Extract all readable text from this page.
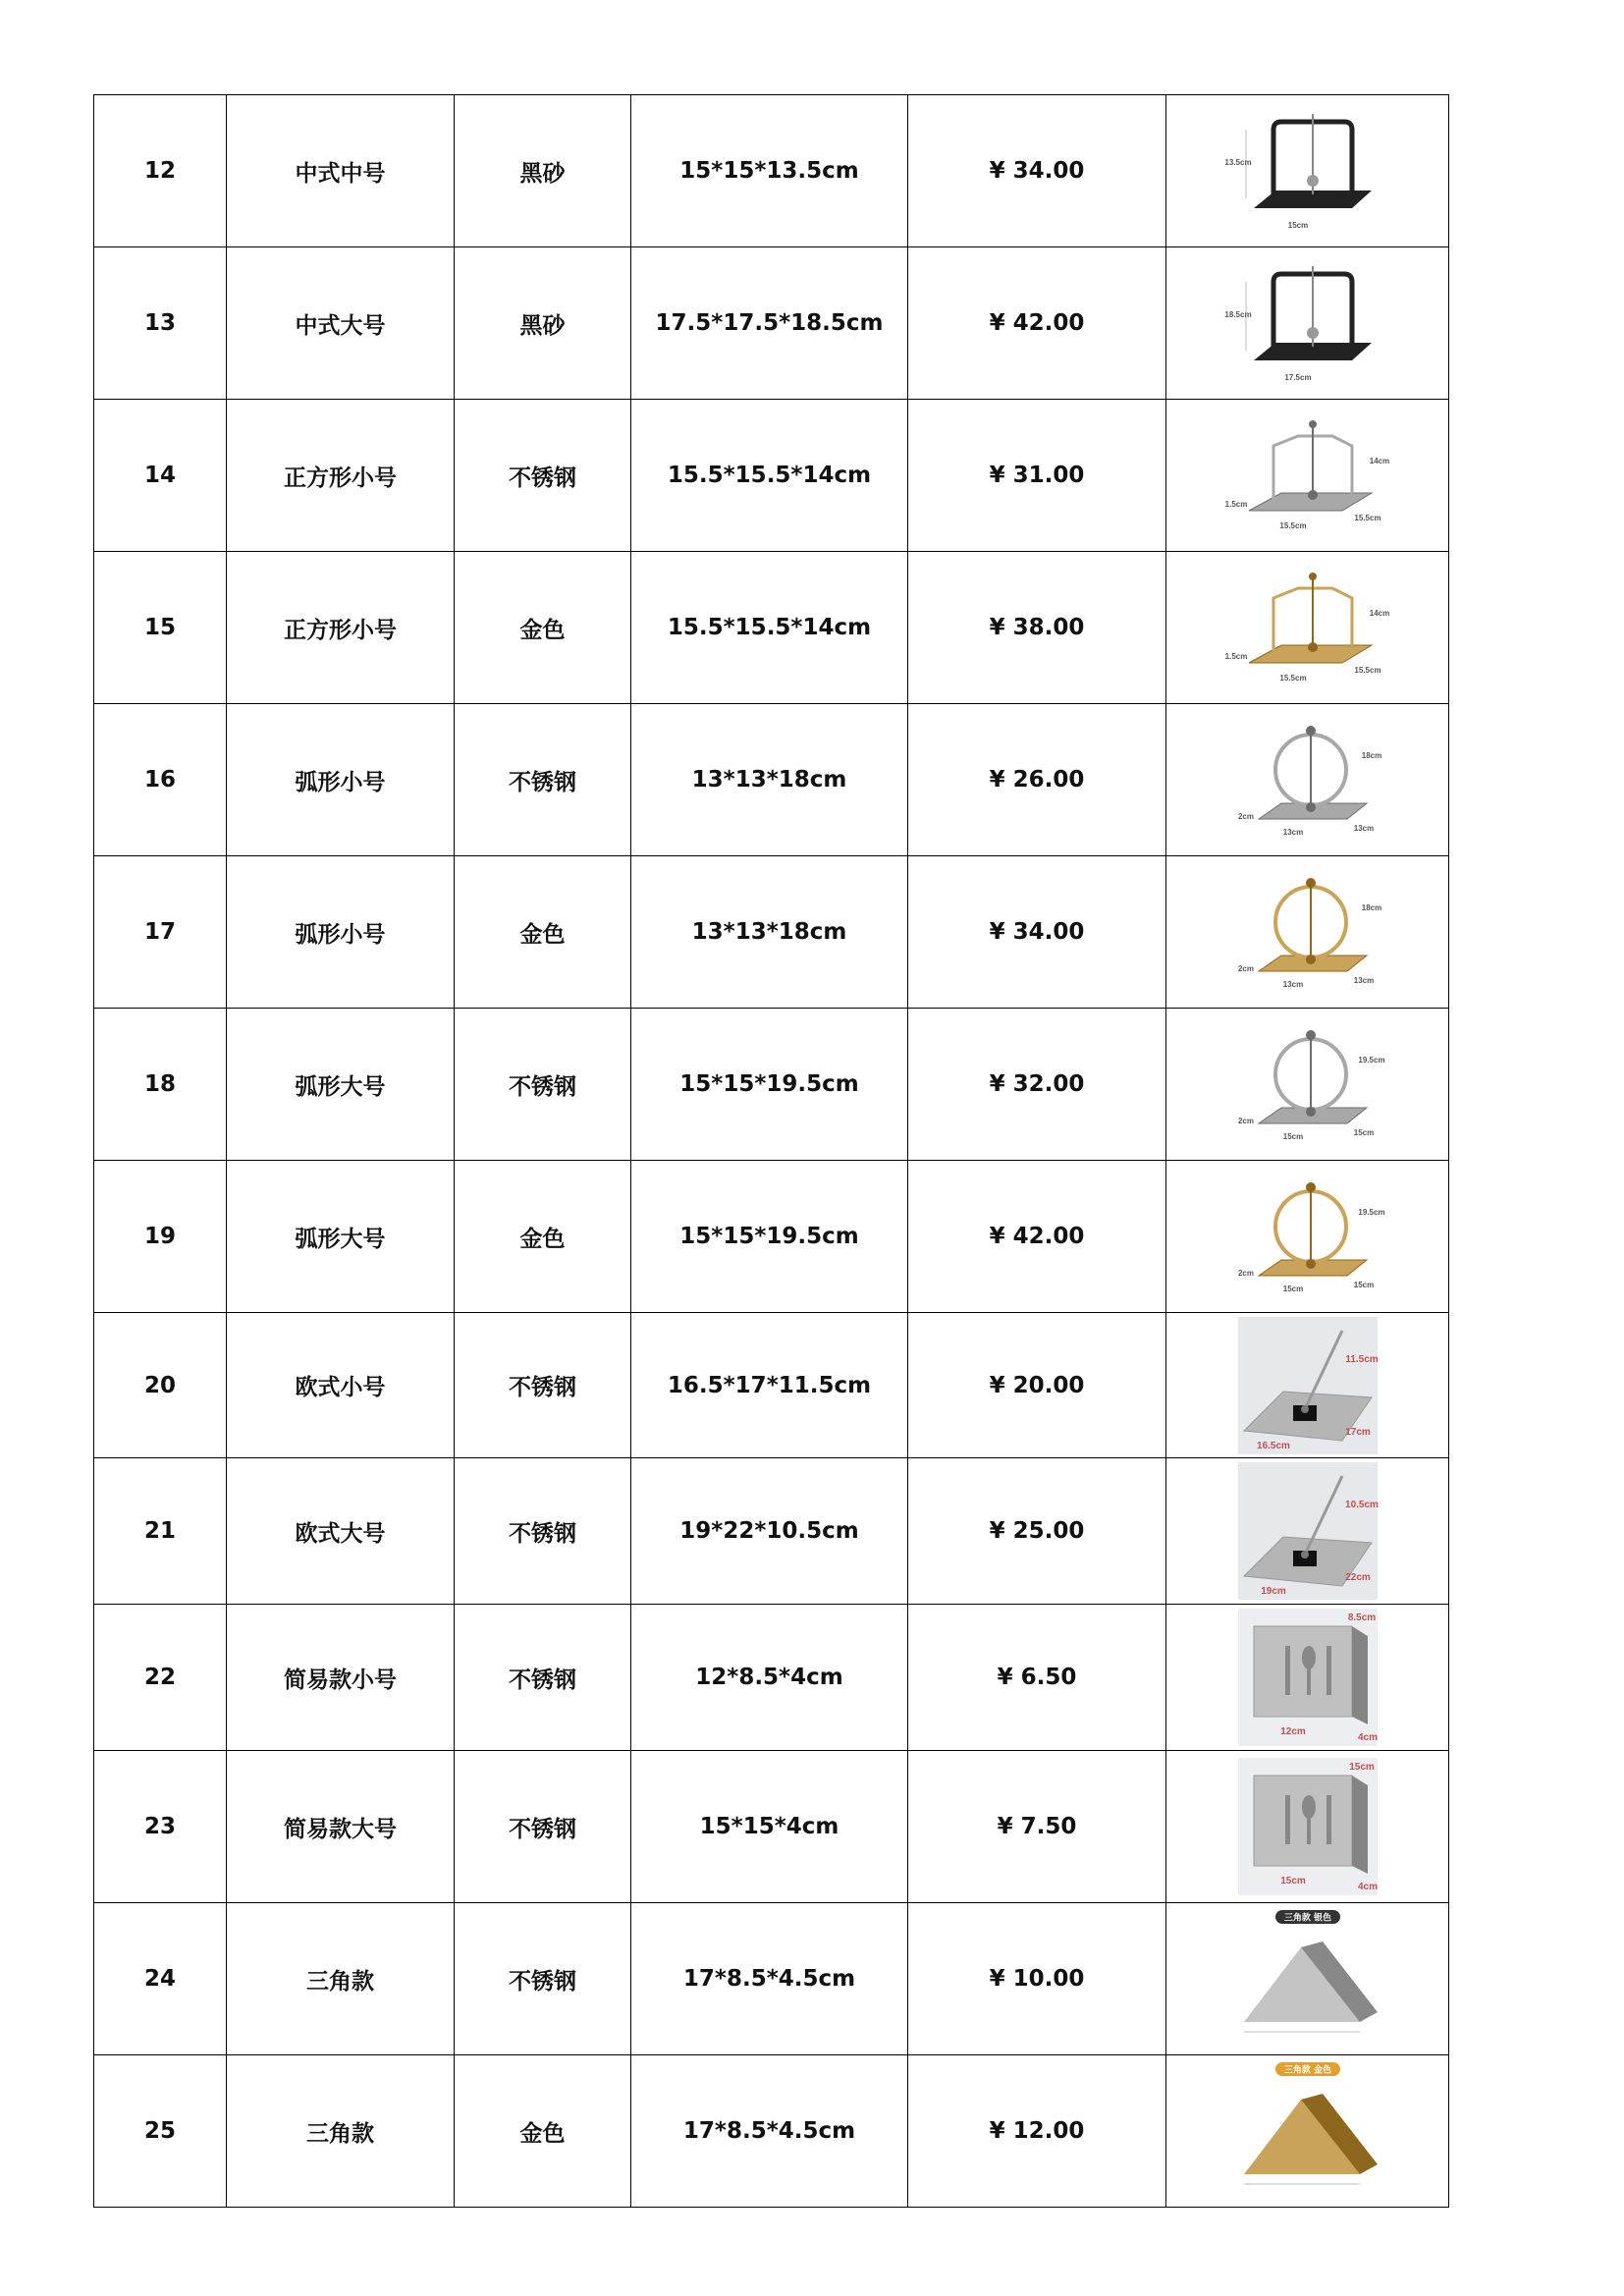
12	中式中号	黑砂	15*15*13.5cm	¥ 34.00	13.5cm
15cm

13	中式大号	黑砂	17.5*17.5*18.5cm	¥ 42.00	18.5cm
17.5cm

14	正方形小号	不锈钢	15.5*15.5*14cm	¥ 31.00	14cm
1.5cm
15.5cm
15.5cm

15	正方形小号	金色	15.5*15.5*14cm	¥ 38.00	14cm
1.5cm
15.5cm
15.5cm

16	弧形小号	不锈钢	13*13*18cm	¥ 26.00	18cm
2cm
13cm 13cm

17	弧形小号	金色	13*13*18cm	¥ 34.00	18cm
2cm
13cm 13cm

18	弧形大号	不锈钢	15*15*19.5cm	¥ 32.00	19.5cm
2cm
15cm 15cm

19	弧形大号	金色	15*15*19.5cm	¥ 42.00	19.5cm
2cm
15cm 15cm

20	欧式小号	不锈钢	16.5*17*11.5cm	¥ 20.00	11.5cm
16.5cm
17cm

21	欧式大号	不锈钢	19*22*10.5cm	¥ 25.00	10.5cm
19cm
22cm

22	简易款小号	不锈钢	12*8.5*4cm	¥ 6.50	8.5cm
12cm
4cm

23	简易款大号	不锈钢	15*15*4cm	¥ 7.50	15cm
15cm
4cm

24	三角款	不锈钢	17*8.5*4.5cm	¥ 10.00	三角款 银色

25	三角款	金色	17*8.5*4.5cm	¥ 12.00	三角款 金色
